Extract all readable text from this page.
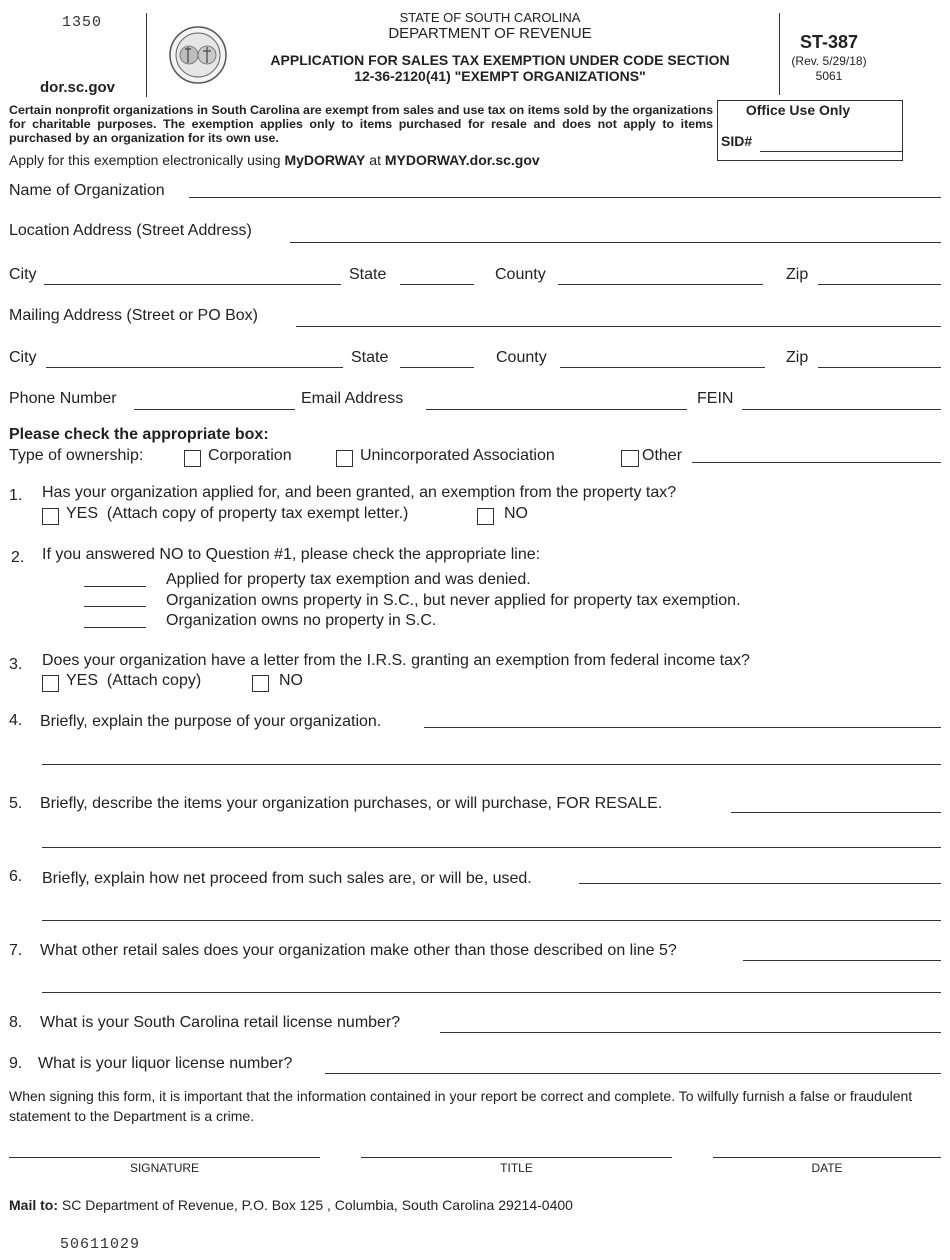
1350
dor.sc.gov
STATE OF SOUTH CAROLINA
DEPARTMENT OF REVENUE
APPLICATION FOR SALES TAX EXEMPTION UNDER CODE SECTION
12-36-2120(41) "EXEMPT ORGANIZATIONS"
ST-387
(Rev. 5/29/18)
5061
Certain nonprofit organizations in South Carolina are exempt from sales and use tax on items sold by the organizations for charitable purposes. The exemption applies only to items purchased for resale and does not apply to items purchased by an organization for its own use.
Apply for this exemption electronically using MyDORWAY at MYDORWAY.dor.sc.gov
Office Use Only
SID#
Name of Organization
Location Address (Street Address)
City	State	County	Zip
Mailing Address (Street or PO Box)
City	State	County	Zip
Phone Number	Email Address	FEIN
Please check the appropriate box:
Type of ownership:	Corporation	Unincorporated Association	Other
1. Has your organization applied for, and been granted, an exemption from the property tax?
YES  (Attach copy of property tax exempt letter.)	NO
2. If you answered NO to Question #1, please check the appropriate line:
Applied for property tax exemption and was denied.
Organization owns property in S.C., but never applied for property tax exemption.
Organization owns no property in S.C.
3. Does your organization have a letter from the I.R.S. granting an exemption from federal income tax?
YES  (Attach copy)	NO
4. Briefly, explain the purpose of your organization.
5. Briefly, describe the items your organization purchases, or will purchase, FOR RESALE.
6. Briefly, explain how net proceed from such sales are, or will be, used.
7. What other retail sales does your organization make other than those described on line 5?
8. What is your South Carolina retail license number?
9. What is your liquor license number?
When signing this form, it is important that the information contained in your report be correct and complete. To wilfully furnish a false or fraudulent statement to the Department is a crime.
SIGNATURE	TITLE	DATE
Mail to: SC Department of Revenue, P.O. Box 125 , Columbia, South Carolina 29214-0400
50611029
